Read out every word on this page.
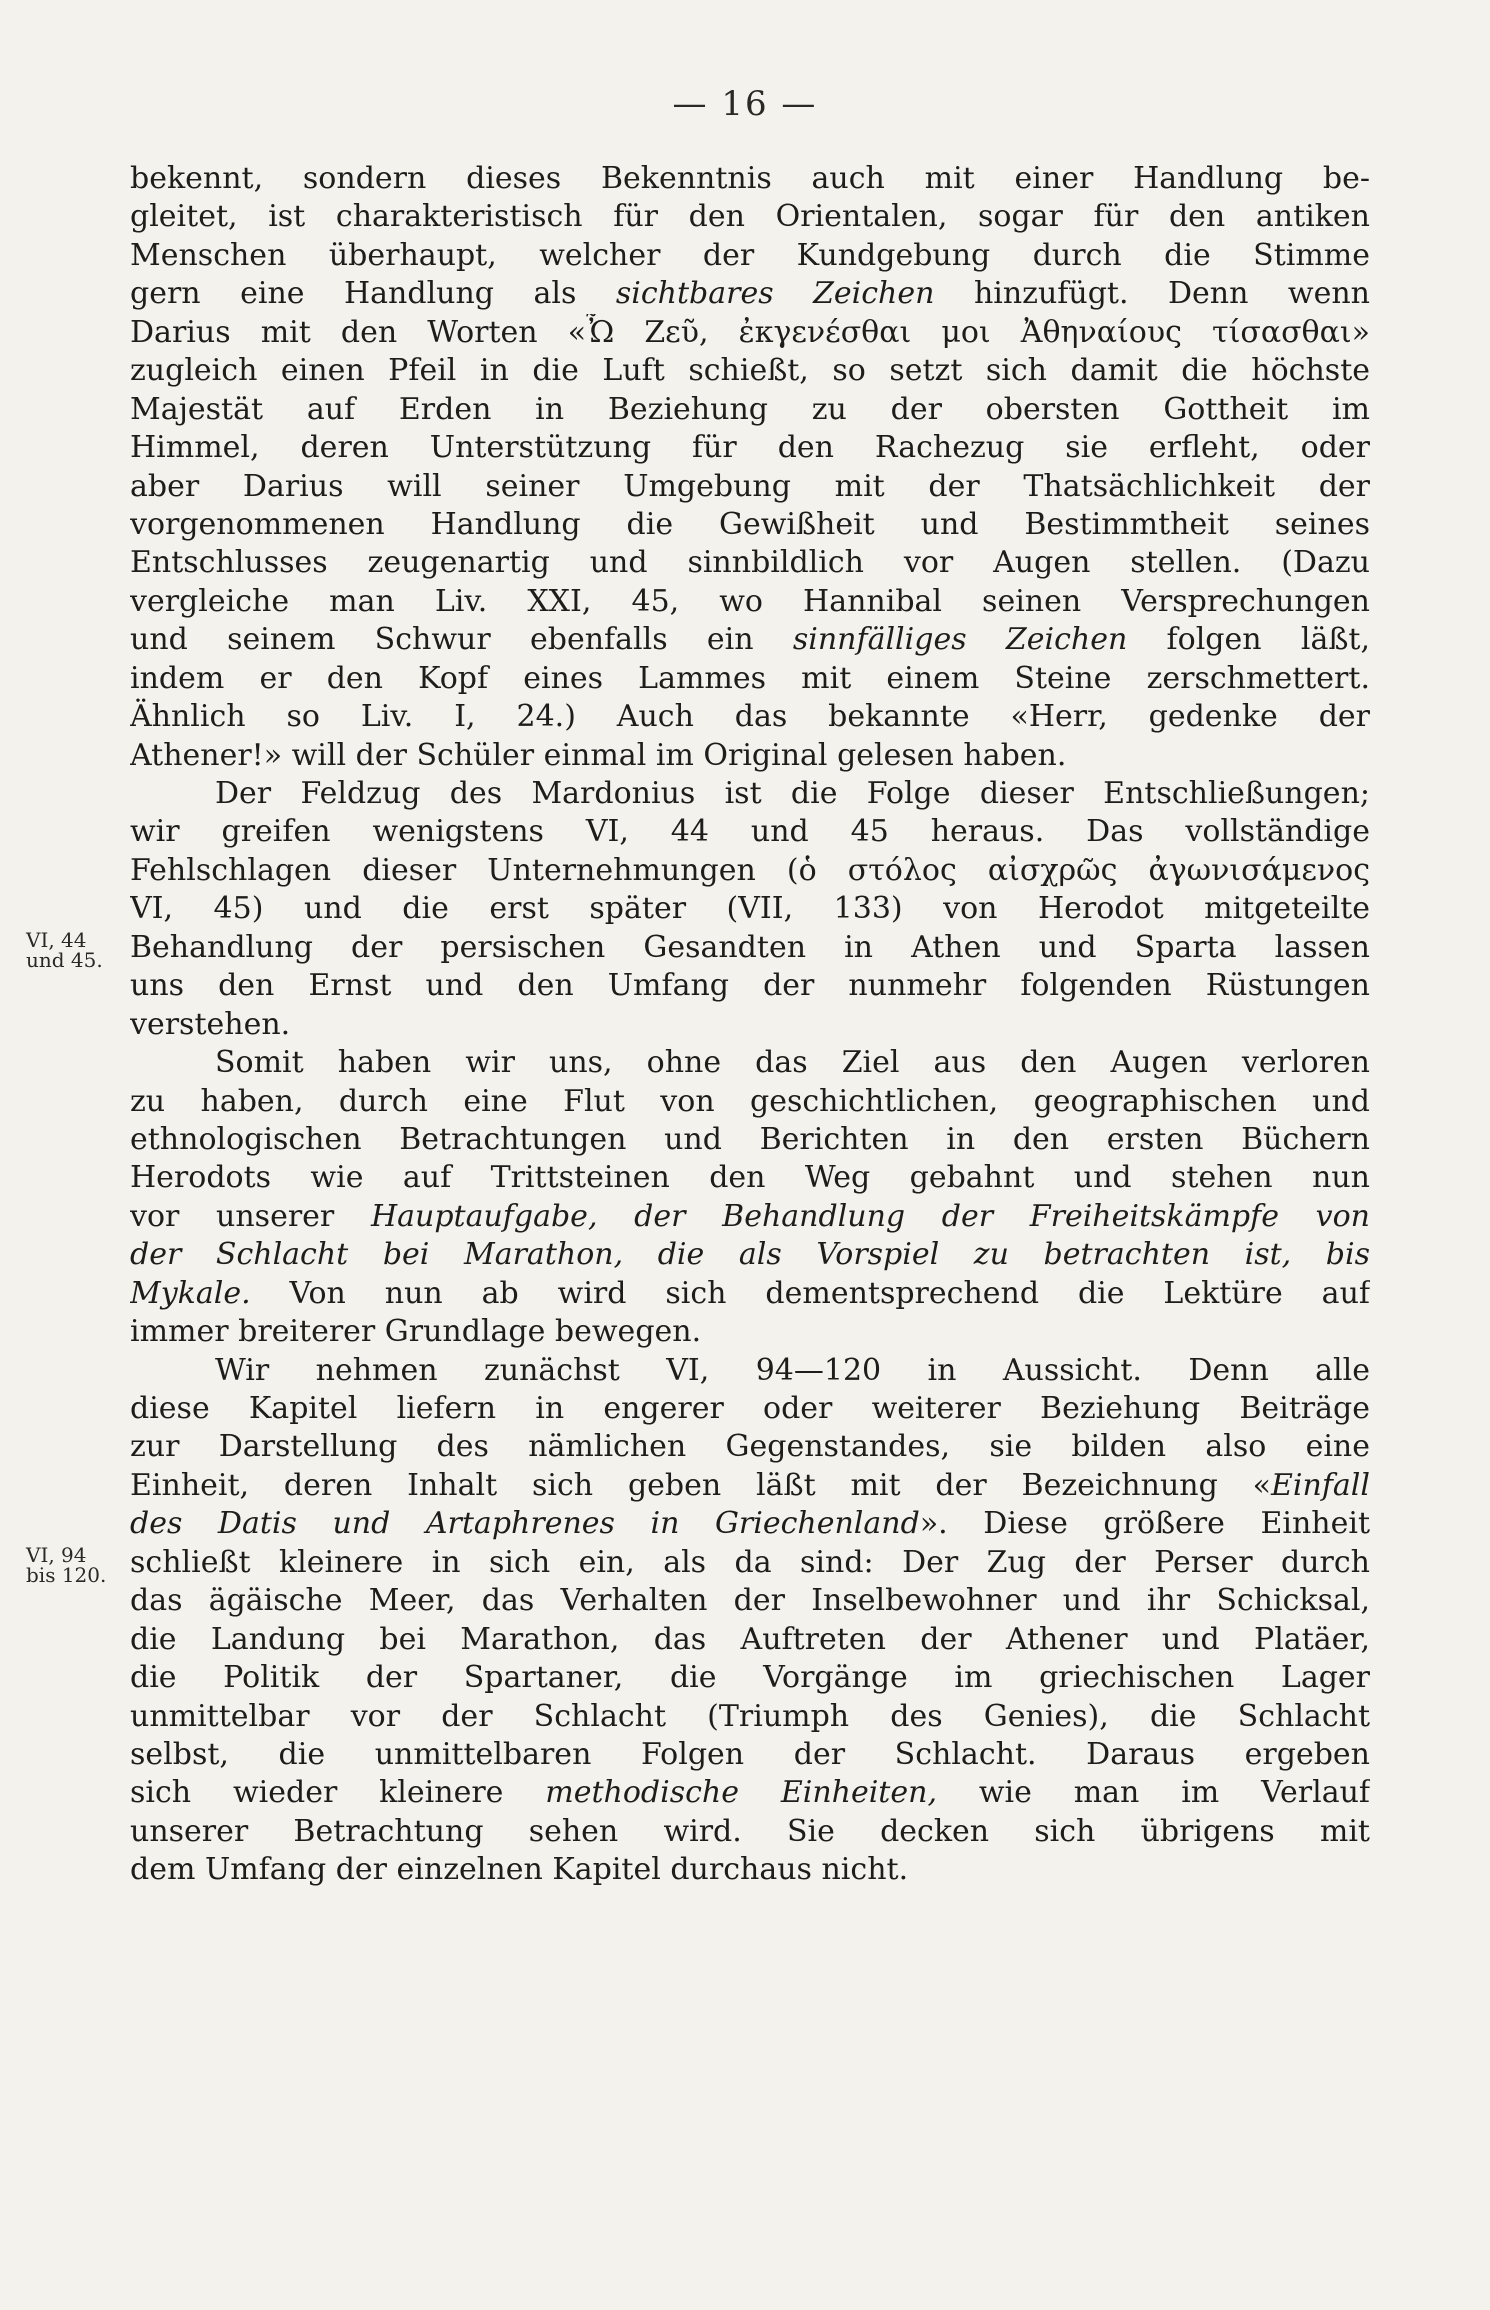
— 16 —
VI, 44
und 45.
VI, 94
bis 120.
bekennt, sondern dieses Bekenntnis auch mit einer Handlung be-
gleitet, ist charakteristisch für den Orientalen, sogar für den antiken
Menschen überhaupt, welcher der Kundgebung durch die Stimme
gern eine Handlung als sichtbares Zeichen hinzufügt. Denn wenn
Darius mit den Worten «Ὦ Ζεῦ, ἐκγενέσθαι μοι Ἀθηναίους τίσασθαι»
zugleich einen Pfeil in die Luft schießt, so setzt sich damit die höchste
Majestät auf Erden in Beziehung zu der obersten Gottheit im
Himmel, deren Unterstützung für den Rachezug sie erfleht, oder
aber Darius will seiner Umgebung mit der Thatsächlichkeit der
vorgenommenen Handlung die Gewißheit und Bestimmtheit seines
Entschlusses zeugenartig und sinnbildlich vor Augen stellen. (Dazu
vergleiche man Liv. XXI, 45, wo Hannibal seinen Versprechungen
und seinem Schwur ebenfalls ein sinnfälliges Zeichen folgen läßt,
indem er den Kopf eines Lammes mit einem Steine zerschmettert.
Ähnlich so Liv. I, 24.) Auch das bekannte «Herr, gedenke der
Athener!» will der Schüler einmal im Original gelesen haben.
Der Feldzug des Mardonius ist die Folge dieser Entschließungen;
wir greifen wenigstens VI, 44 und 45 heraus. Das vollständige
Fehlschlagen dieser Unternehmungen (ὁ στόλος αἰσχρῶς ἀγωνισάμενος
VI, 45) und die erst später (VII, 133) von Herodot mitgeteilte
Behandlung der persischen Gesandten in Athen und Sparta lassen
uns den Ernst und den Umfang der nunmehr folgenden Rüstungen
verstehen.
Somit haben wir uns, ohne das Ziel aus den Augen verloren
zu haben, durch eine Flut von geschichtlichen, geographischen und
ethnologischen Betrachtungen und Berichten in den ersten Büchern
Herodots wie auf Trittsteinen den Weg gebahnt und stehen nun
vor unserer Hauptaufgabe, der Behandlung der Freiheitskämpfe von
der Schlacht bei Marathon, die als Vorspiel zu betrachten ist, bis
Mykale. Von nun ab wird sich dementsprechend die Lektüre auf
immer breiterer Grundlage bewegen.
Wir nehmen zunächst VI, 94—120 in Aussicht. Denn alle
diese Kapitel liefern in engerer oder weiterer Beziehung Beiträge
zur Darstellung des nämlichen Gegenstandes, sie bilden also eine
Einheit, deren Inhalt sich geben läßt mit der Bezeichnung «Einfall
des Datis und Artaphrenes in Griechenland». Diese größere Einheit
schließt kleinere in sich ein, als da sind: Der Zug der Perser durch
das ägäische Meer, das Verhalten der Inselbewohner und ihr Schicksal,
die Landung bei Marathon, das Auftreten der Athener und Platäer,
die Politik der Spartaner, die Vorgänge im griechischen Lager
unmittelbar vor der Schlacht (Triumph des Genies), die Schlacht
selbst, die unmittelbaren Folgen der Schlacht. Daraus ergeben
sich wieder kleinere methodische Einheiten, wie man im Verlauf
unserer Betrachtung sehen wird. Sie decken sich übrigens mit
dem Umfang der einzelnen Kapitel durchaus nicht.
